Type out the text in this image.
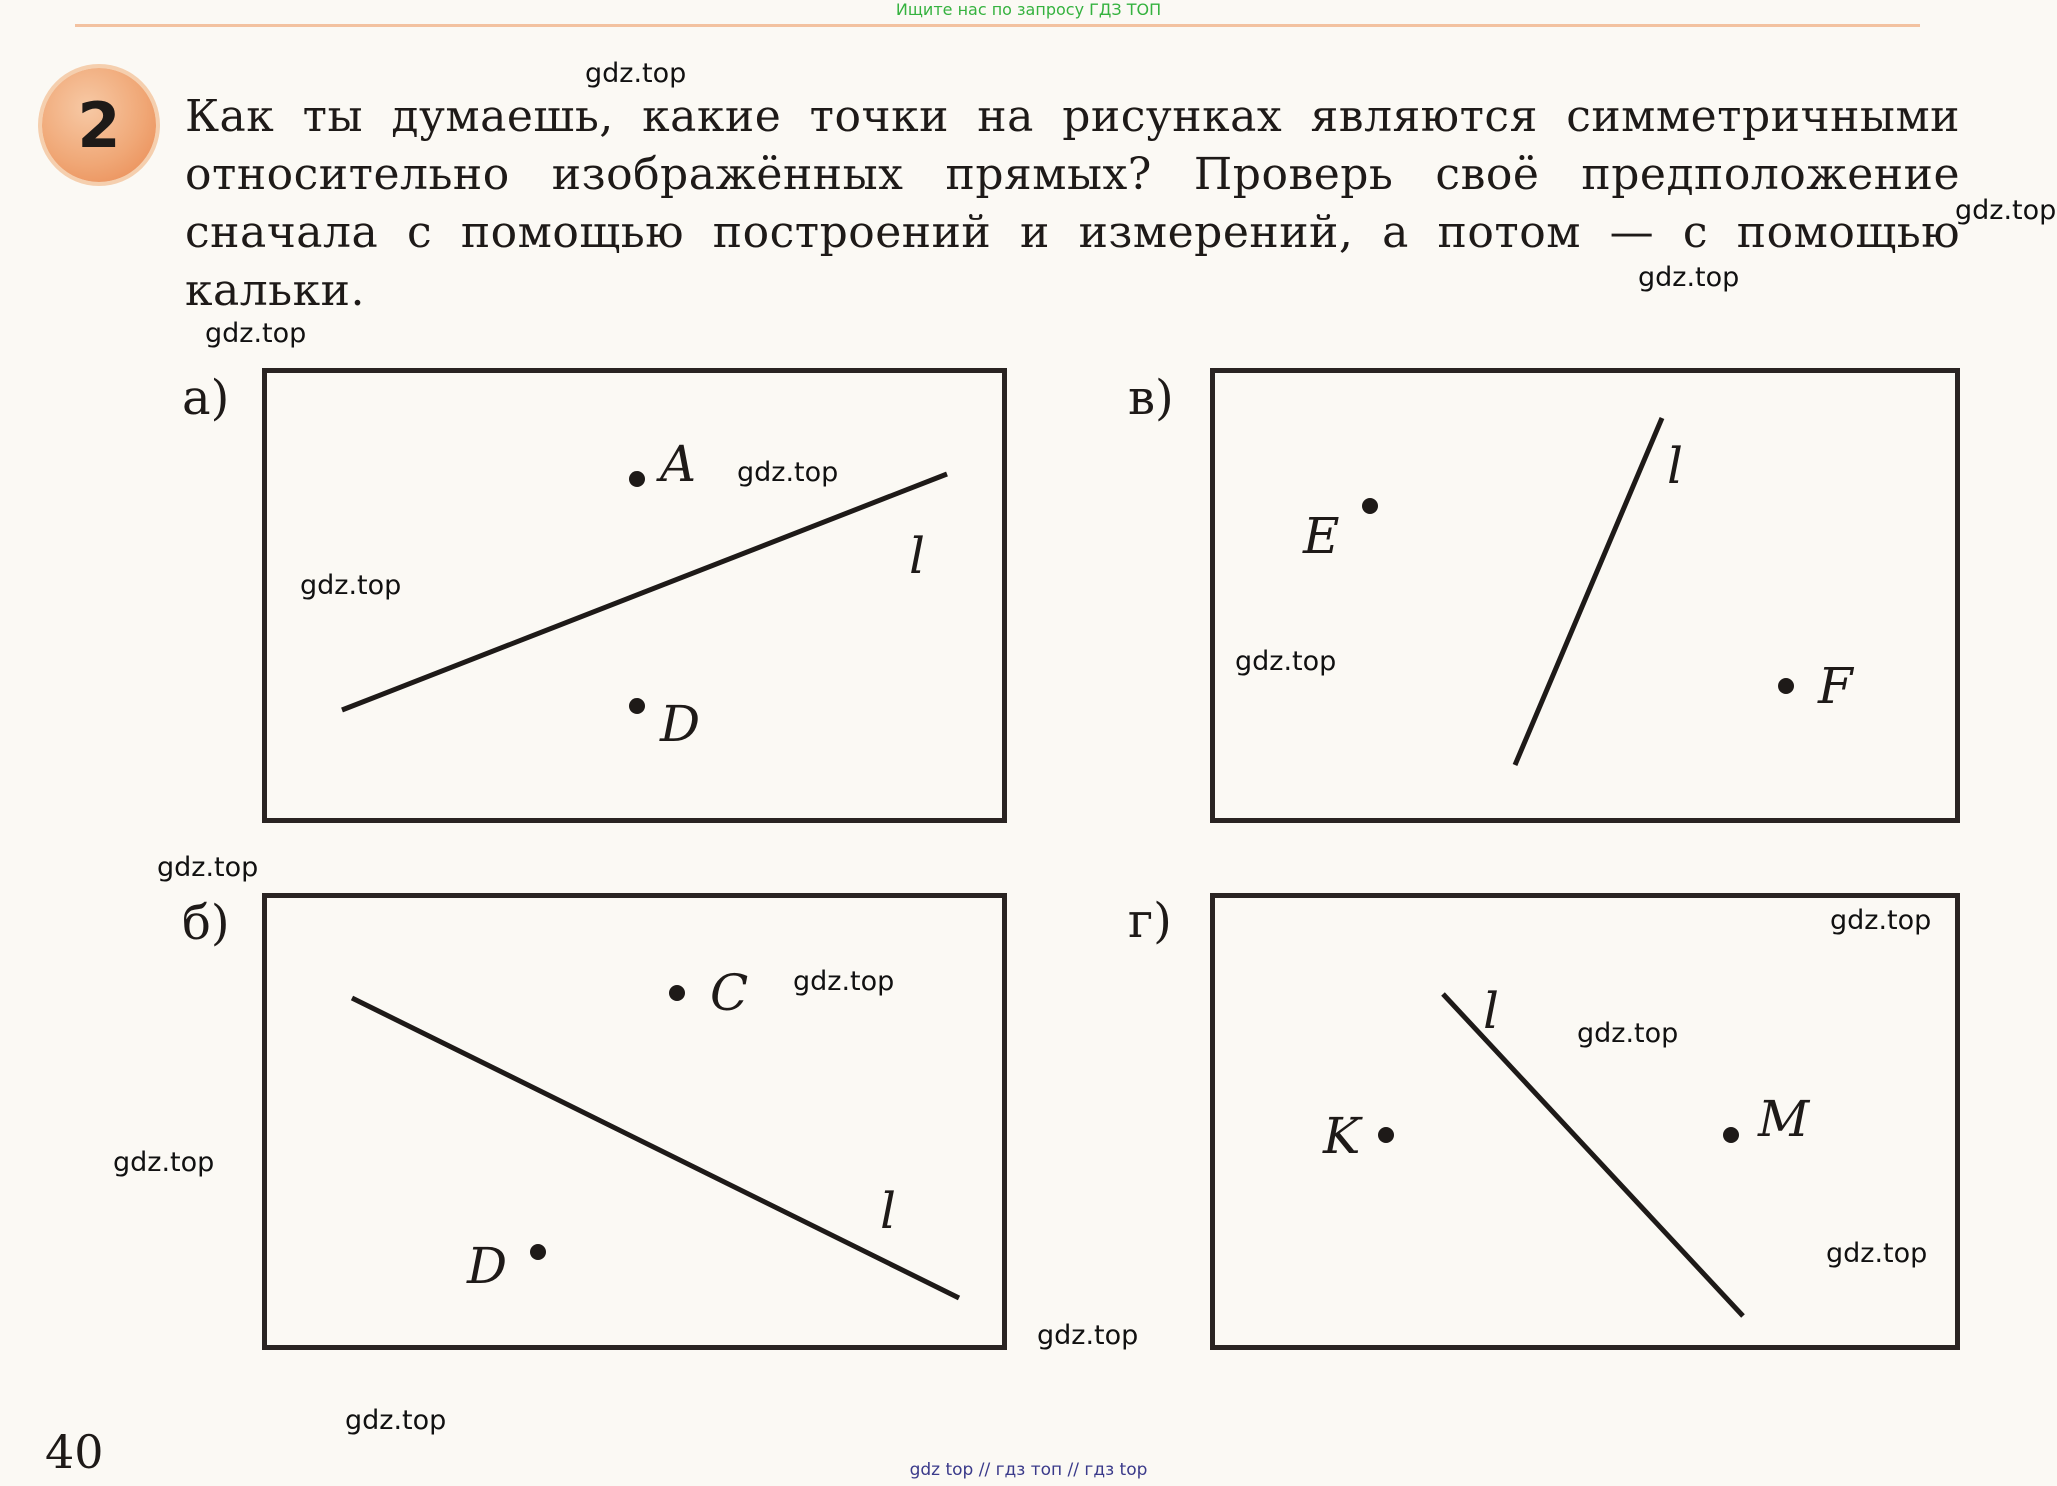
Ищите нас по запросу ГДЗ ТОП

2	Как ты думаешь, какие точки на рисунках являются симметричными относительно изображённых прямых? Проверь своё предположение сначала с помощью построений и измерений, а потом — с помощью кальки.
а)
A
D
l
в)
E
F
l
б)
C
D
l
г)
K	M
l
gdz.top
gdz.top
gdz.top
gdz.top
gdz.top
gdz.top
gdz.top
gdz.top
gdz.top
gdz.top
gdz.top
gdz.top
gdz.top
gdz.top
gdz.top
40	gdz top // гдз топ // гдз top
